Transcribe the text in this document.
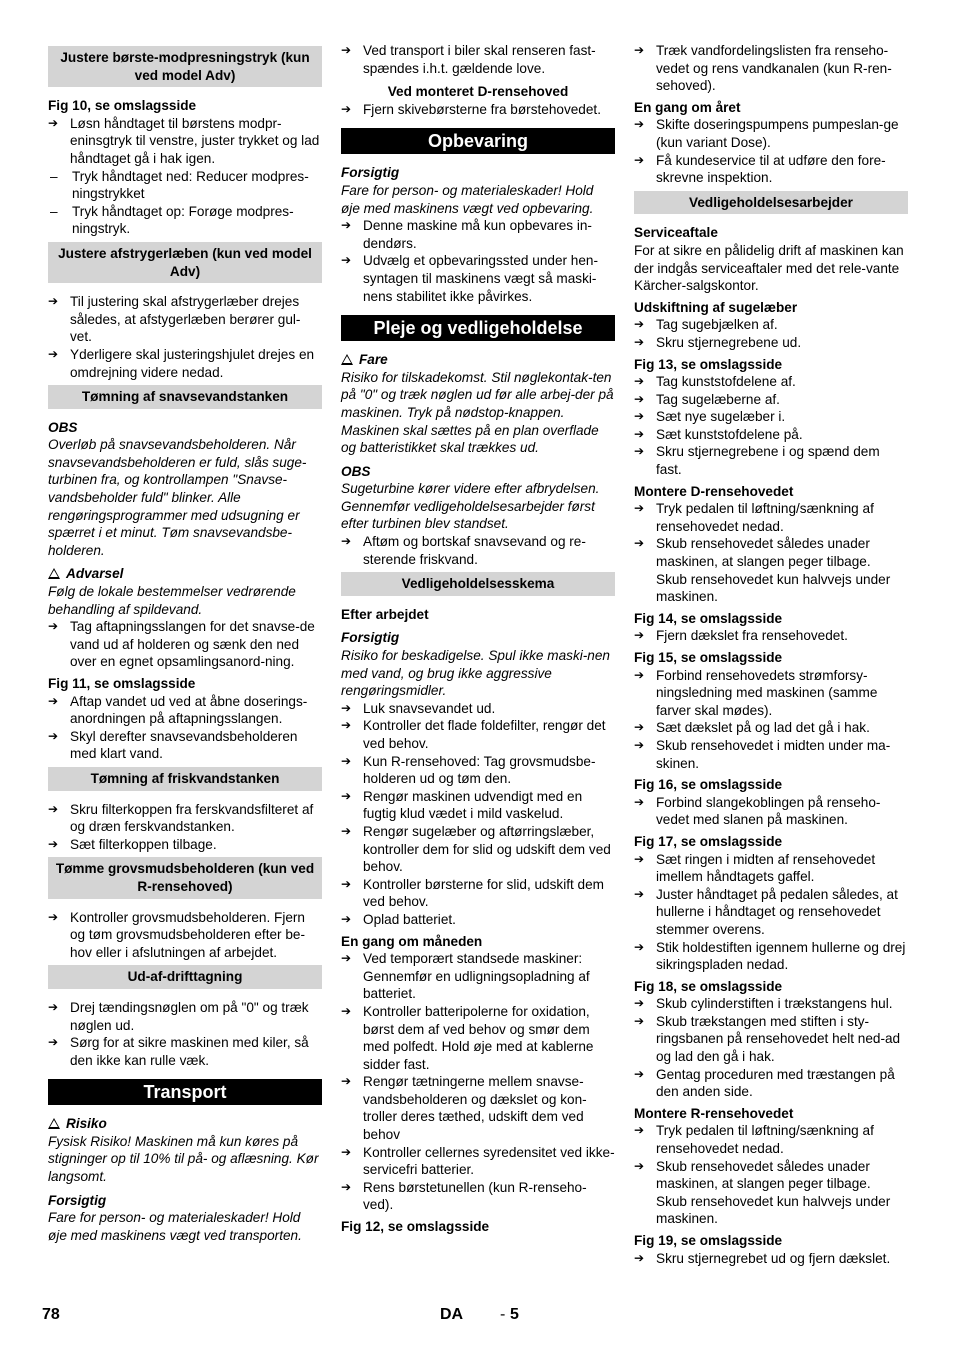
Justere børste-modpresningstryk (kun ved model Adv)
Fig 10, se omslagsside
➔ Løsn håndtaget til børstens modpr-eninsgtryk til venstre, juster trykket og lad håndtaget gå i hak igen.
–	Tryk håndtaget ned: Reducer modpres-ningstrykket
–	Tryk håndtaget op: Forøge modpres-ningstryk.
Justere afstrygerlæben (kun ved model Adv)
➔ Til justering skal afstrygerlæber drejes således, at afstygerlæben berører gul-vet.
➔ Yderligere skal justeringshjulet drejes en omdrejning videre nedad.
Tømning af snavsevandstanken
OBS
Overløb på snavsevandsbeholderen. Når snavsevandsbeholderen er fuld, slås suge-turbinen fra, og kontrollampen "Snavse-vandsbeholder fuld" blinker. Alle rengøringsprogrammer med udsugning er spærret i et minut. Tøm snavsevandsbe-holderen.
Advarsel
Følg de lokale bestemmelser vedrørende behandling af spildevand.
➔ Tag aftapningsslangen for det snavse-de vand ud af holderen og sænk den ned over en egnet opsamlingsanord-ning.
Fig 11, se omslagsside
➔ Aftap vandet ud ved at åbne doserings-anordningen på aftapningsslangen.
➔ Skyl derefter snavsevandsbeholderen med klart vand.
Tømning af friskvandstanken
➔ Skru filterkoppen fra ferskvandsfilteret af og dræn ferskvandstanken.
➔ Sæt filterkoppen tilbage.
Tømme grovsmudsbeholderen (kun ved R-rensehoved)
➔ Kontroller grovsmudsbeholderen. Fjern og tøm grovsmudsbeholderen efter be-hov eller i afslutningen af arbejdet.
Ud-af-drifttagning
➔ Drej tændingsnøglen om på "0" og træk nøglen ud.
➔ Sørg for at sikre maskinen med kiler, så den ikke kan rulle væk.
Transport
Risiko
Fysisk Risiko! Maskinen må kun køres på stigninger op til 10% til på- og aflæsning. Kør langsomt.
Forsigtig
Fare for person- og materialeskader! Hold øje med maskinens vægt ved transporten.
➔ Ved transport i biler skal renseren fast-spændes i.h.t. gældende love.
Ved monteret D-rensehoved
➔ Fjern skivebørsterne fra børstehovedet.
Opbevaring
Forsigtig
Fare for person- og materialeskader! Hold øje med maskinens vægt ved opbevaring.
➔ Denne maskine må kun opbevares in-dendørs.
➔ Udvælg et opbevaringssted under hen-syntagen til maskinens vægt så maski-nens stabilitet ikke påvirkes.
Pleje og vedligeholdelse
Fare
Risiko for tilskadekomst. Stil nøglekontak-ten på "0" og træk nøglen ud før alle arbej-der på maskinen. Tryk på nødstop-knappen.
Maskinen skal sættes på en plan overflade og batteristikket skal trækkes ud.
OBS
Sugeturbine kører videre efter afbrydelsen. Gennemfør vedligeholdelsesarbejder først efter turbinen blev standset.
➔ Aftøm og bortskaf snavsevand og re-sterende friskvand.
Vedligeholdelsesskema
Efter arbejdet
Forsigtig
Risiko for beskadigelse. Spul ikke maski-nen med vand, og brug ikke aggressive rengøringsmidler.
➔ Luk snavsevandet ud.
➔ Kontroller det flade foldefilter, rengør det ved behov.
➔ Kun R-rensehoved: Tag grovsmudsbe-holderen ud og tøm den.
➔ Rengør maskinen udvendigt med en fugtig klud vædet i mild vaskelud.
➔ Rengør sugelæber og aftørringslæber, kontroller dem for slid og udskift dem ved behov.
➔ Kontroller børsterne for slid, udskift dem ved behov.
➔ Oplad batteriet.
En gang om måneden
➔ Ved temporært standsede maskiner: Gennemfør en udligningsopladning af batteriet.
➔ Kontroller batteripolerne for oxidation, børst dem af ved behov og smør dem med polfedt. Hold øje med at kablerne sidder fast.
➔ Rengør tætningerne mellem snavse-vandsbeholderen og dækslet og kon-troller deres tæthed, udskift dem ved behov
➔ Kontroller cellernes syredensitet ved ikke-servicefri batterier.
➔ Rens børstetunellen (kun R-renseho-ved).
Fig 12, se omslagsside
➔ Træk vandfordelingslisten fra renseho-vedet og rens vandkanalen (kun R-ren-sehoved).
En gang om året
➔ Skifte doseringspumpens pumpeslan-ge (kun variant Dose).
➔ Få kundeservice til at udføre den fore-skrevne inspektion.
Vedligeholdelsesarbejder
Serviceaftale
For at sikre en pålidelig drift af maskinen kan der indgås serviceaftaler med det rele-vante Kärcher-salgskontor.
Udskiftning af sugelæber
➔ Tag sugebjælken af.
➔ Skru stjernegrebene ud.
Fig 13, se omslagsside
➔ Tag kunststofdelene af.
➔ Tag sugelæberne af.
➔ Sæt nye sugelæber i.
➔ Sæt kunststofdelene på.
➔ Skru stjernegrebene i og spænd dem fast.
Montere D-rensehovedet
➔ Tryk pedalen til løftning/sænkning af rensehovedet nedad.
➔ Skub rensehovedet således unader maskinen, at slangen peger tilbage.
Skub rensehovedet kun halvvejs under maskinen.
Fig 14, se omslagsside
➔ Fjern dækslet fra rensehovedet.
Fig 15, se omslagsside
➔ Forbind rensehovedets strømforsy-ningsledning med maskinen (samme farver skal mødes).
➔ Sæt dækslet på og lad det gå i hak.
➔ Skub rensehovedet i midten under ma-skinen.
Fig 16, se omslagsside
➔ Forbind slangekoblingen på renseho-vedet med slanen på maskinen.
Fig 17, se omslagsside
➔ Sæt ringen i midten af rensehovedet imellem håndtagets gaffel.
➔ Juster håndtaget på pedalen således, at hullerne i håndtaget og rensehovedet stemmer overens.
➔ Stik holdestiften igennem hullerne og drej sikringspladen nedad.
Fig 18, se omslagsside
➔ Skub cylinderstiften i trækstangens hul.
➔ Skub trækstangen med stiften i sty-ringsbanen på rensehovedet helt ned-ad og lad den gå i hak.
➔ Gentag proceduren med træstangen på den anden side.
Montere R-rensehovedet
➔ Tryk pedalen til løftning/sænkning af rensehovedet nedad.
➔ Skub rensehovedet således unader maskinen, at slangen peger tilbage.
Skub rensehovedet kun halvvejs under maskinen.
Fig 19, se omslagsside
➔ Skru stjernegrebet ud og fjern dækslet.
78	DA - 5
